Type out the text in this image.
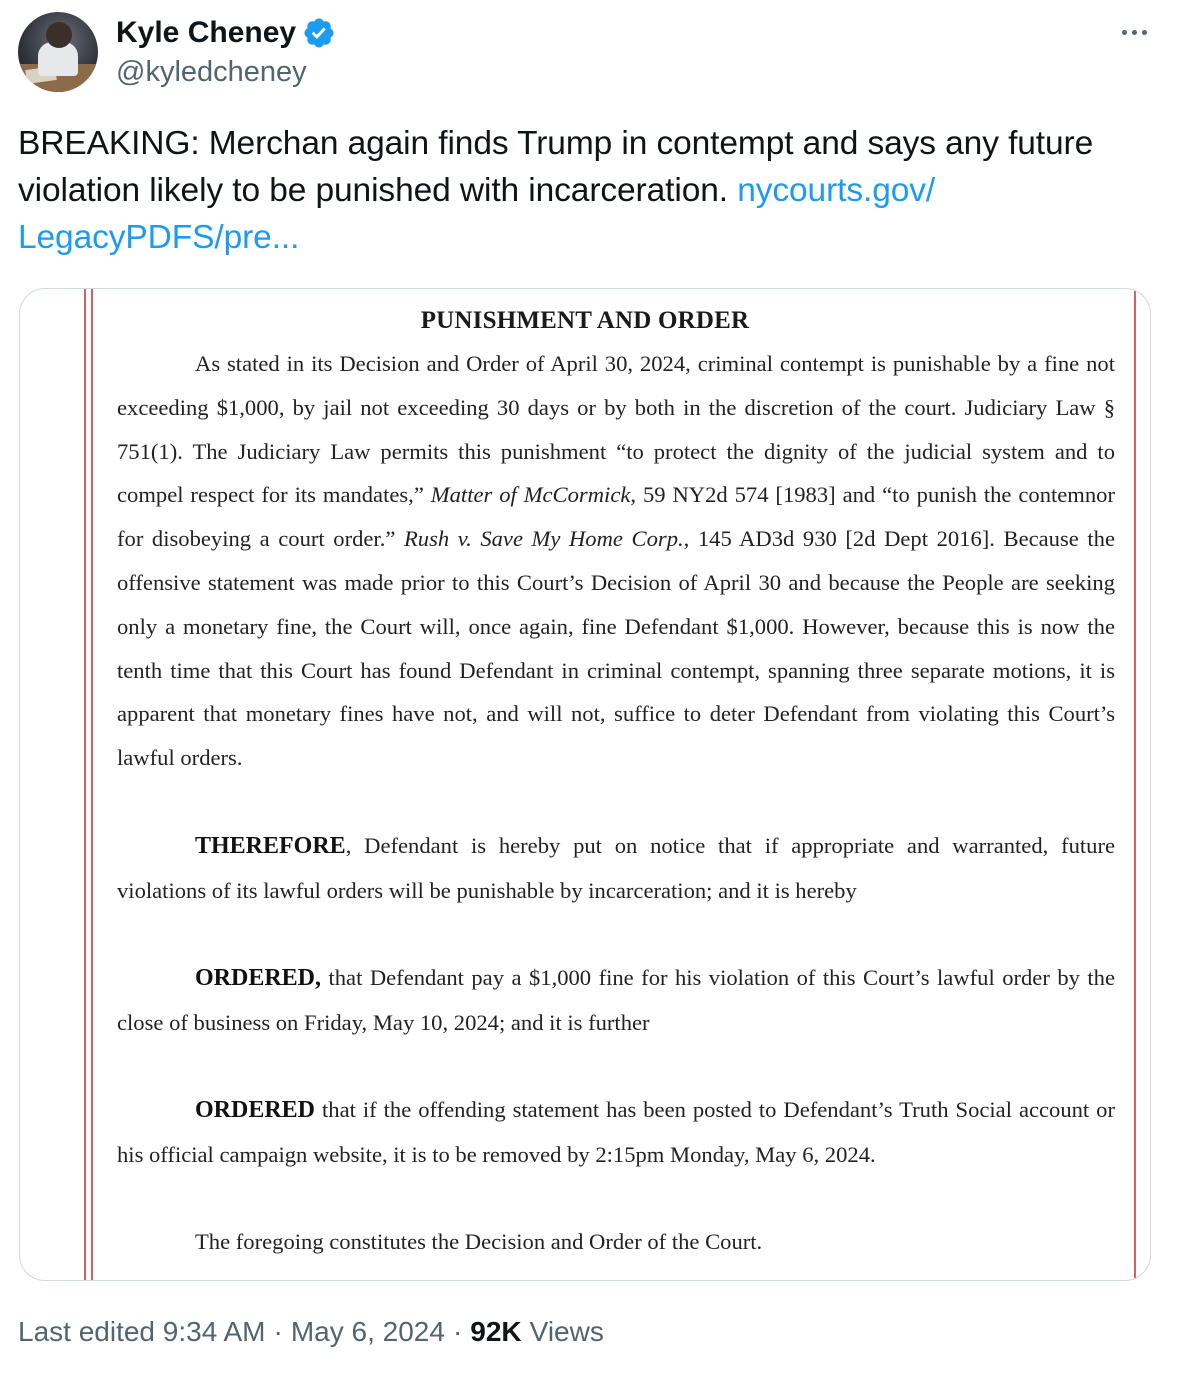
Kyle Cheney
@kyledcheney
BREAKING: Merchan again finds Trump in contempt and says any future violation likely to be punished with incarceration. nycourts.gov/
LegacyPDFS/pre...
PUNISHMENT AND ORDER
As stated in its Decision and Order of April 30, 2024, criminal contempt is punishable by a fine not exceeding $1,000, by jail not exceeding 30 days or by both in the discretion of the court. Judiciary Law § 751(1). The Judiciary Law permits this punishment “to protect the dignity of the judicial system and to compel respect for its mandates,” Matter of McCormick, 59 NY2d 574 [1983] and “to punish the contemnor for disobeying a court order.” Rush v. Save My Home Corp., 145 AD3d 930 [2d Dept 2016]. Because the offensive statement was made prior to this Court’s Decision of April 30 and because the People are seeking only a monetary fine, the Court will, once again, fine Defendant $1,000. However, because this is now the tenth time that this Court has found Defendant in criminal contempt, spanning three separate motions, it is apparent that monetary fines have not, and will not, suffice to deter Defendant from violating this Court’s lawful orders.
THEREFORE, Defendant is hereby put on notice that if appropriate and warranted, future violations of its lawful orders will be punishable by incarceration; and it is hereby
ORDERED, that Defendant pay a $1,000 fine for his violation of this Court’s lawful order by the close of business on Friday, May 10, 2024; and it is further
ORDERED that if the offending statement has been posted to Defendant’s Truth Social account or his official campaign website, it is to be removed by 2:15pm Monday, May 6, 2024.
The foregoing constitutes the Decision and Order of the Court.
Last edited 9:34 AM · May 6, 2024 · 92K Views
